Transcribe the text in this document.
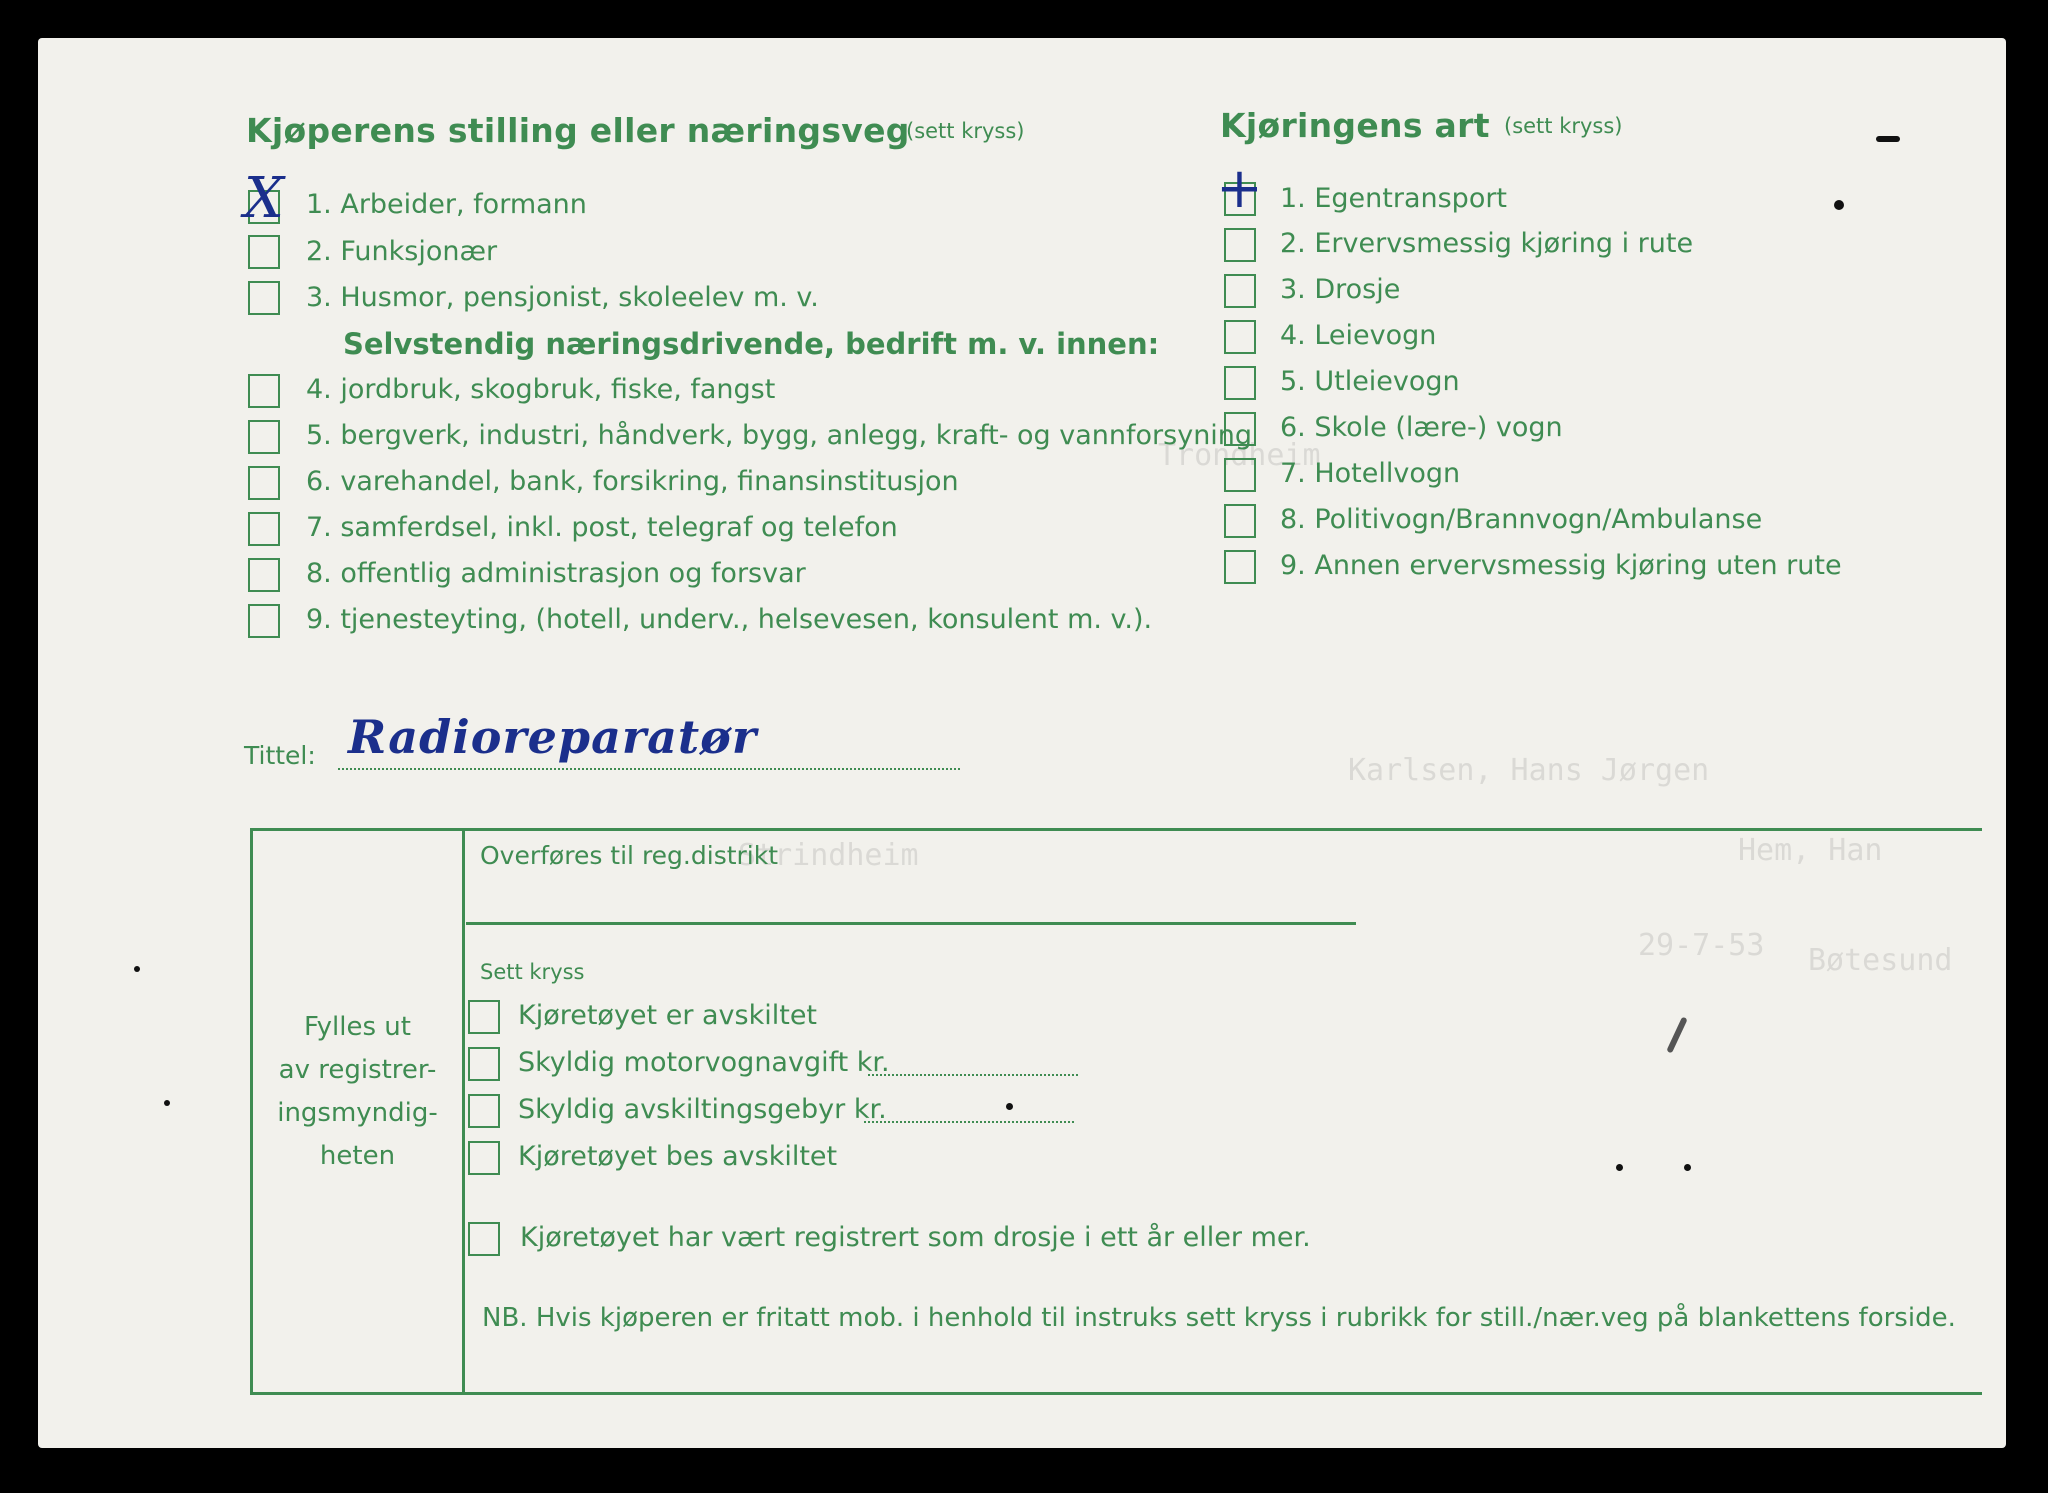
Karlsen, Hans Jørgen
Trondheim
Strindheim	Hem, Han
Bøtesund
29-7-53
Kjøperens stilling eller næringsveg
(sett kryss)
X 1. Arbeider, formann
2. Funksjonær
3. Husmor, pensjonist, skoleelev m. v.
Selvstendig næringsdrivende, bedrift m. v. innen:
4. jordbruk, skogbruk, fiske, fangst
5. bergverk, industri, håndverk, bygg, anlegg, kraft- og vannforsyning
6. varehandel, bank, forsikring, finansinstitusjon
7. samferdsel, inkl. post, telegraf og telefon
8. offentlig administrasjon og forsvar
9. tjenesteyting, (hotell, underv., helsevesen, konsulent m. v.).
Kjøringens art (sett kryss)
+ 1. Egentransport
2. Ervervsmessig kjøring i rute
3. Drosje
4. Leievogn
5. Utleievogn
6. Skole (lære-) vogn
7. Hotellvogn
8. Politivogn/Brannvogn/Ambulanse
9. Annen ervervsmessig kjøring uten rute
Tittel: Radioreparatør
Fylles ut
av registrer-
ingsmyndig-
heten
Overføres til reg.distrikt
Sett kryss
Kjøretøyet er avskiltet
Skyldig motorvognavgift kr.
Skyldig avskiltingsgebyr kr.
Kjøretøyet bes avskiltet
Kjøretøyet har vært registrert som drosje i ett år eller mer.
NB. Hvis kjøperen er fritatt mob. i henhold til instruks sett kryss i rubrikk for still./nær.veg på blankettens forside.
